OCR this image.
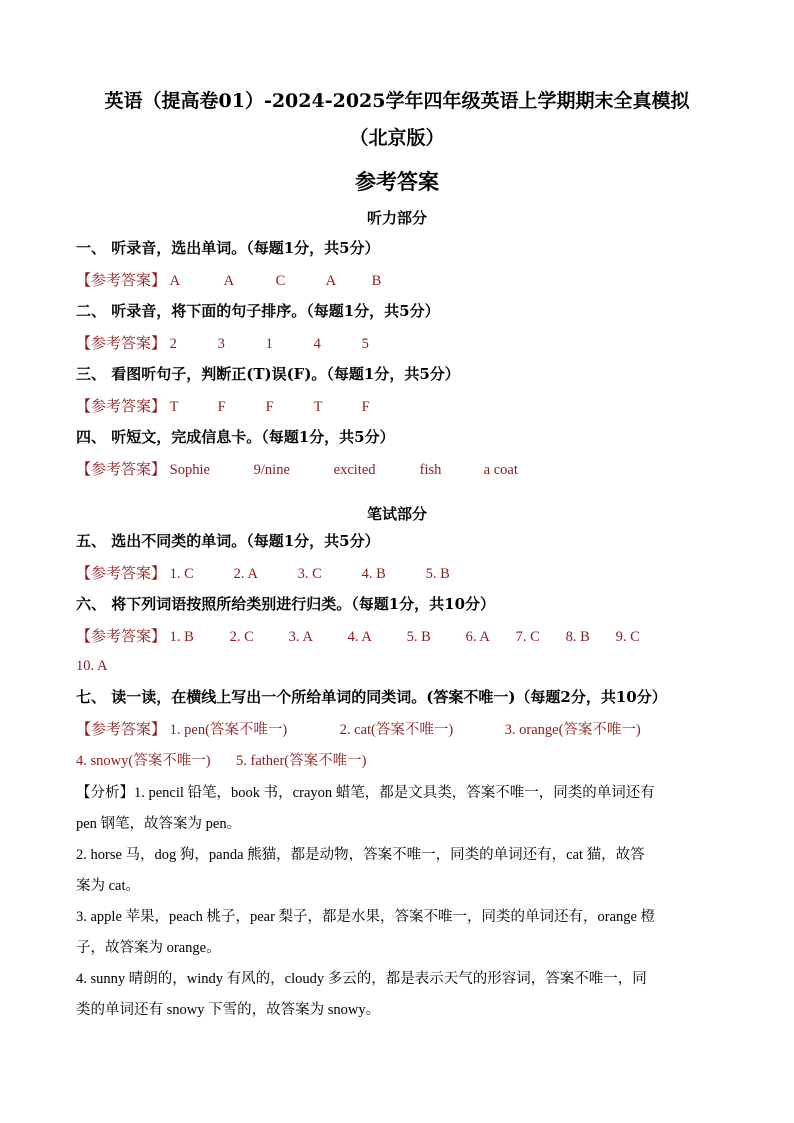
英语（提高卷01）-2024-2025学年四年级英语上学期期末全真模拟
（北京版）
参考答案
听力部分
一、 听录音，选出单词。（每题1分，共5分）
【参考答案】 A	A	C	A B
二、 听录音，将下面的句子排序。（每题1分，共5分）
【参考答案】 2	3	1	4	5
三、 看图听句子，判断正(T)误(F)。（每题1分，共5分）
【参考答案】 T	F	F	T	F
四、 听短文，完成信息卡。（每题1分，共5分）
【参考答案】 Sophie	9/nine	excited	fish	a coat
笔试部分
五、 选出不同类的单词。（每题1分，共5分）
【参考答案】 1. C	2. A	3. C	4. B	5. B
六、 将下列词语按照所给类别进行归类。（每题1分，共10分）
【参考答案】 1. B 2. C 3. A 4. A 5. B 6. A 7. C 8. B 9. C
10. A
七、 读一读，在横线上写出一个所给单词的同类词。(答案不唯一)（每题2分，共10分）
【参考答案】 1. pen(答案不唯一)	2. cat(答案不唯一)	3. orange(答案不唯一)
4. snowy(答案不唯一) 5. father(答案不唯一)
【分析】1. pencil 铅笔，book 书，crayon 蜡笔，都是文具类，答案不唯一，同类的单词还有
pen 钢笔，故答案为 pen。
2. horse 马，dog 狗，panda 熊猫，都是动物，答案不唯一，同类的单词还有，cat 猫，故答
案为 cat。
3. apple 苹果，peach 桃子，pear 梨子，都是水果，答案不唯一，同类的单词还有，orange 橙
子，故答案为 orange。
4. sunny 晴朗的，windy 有风的，cloudy 多云的，都是表示天气的形容词，答案不唯一，同
类的单词还有 snowy 下雪的，故答案为 snowy。
